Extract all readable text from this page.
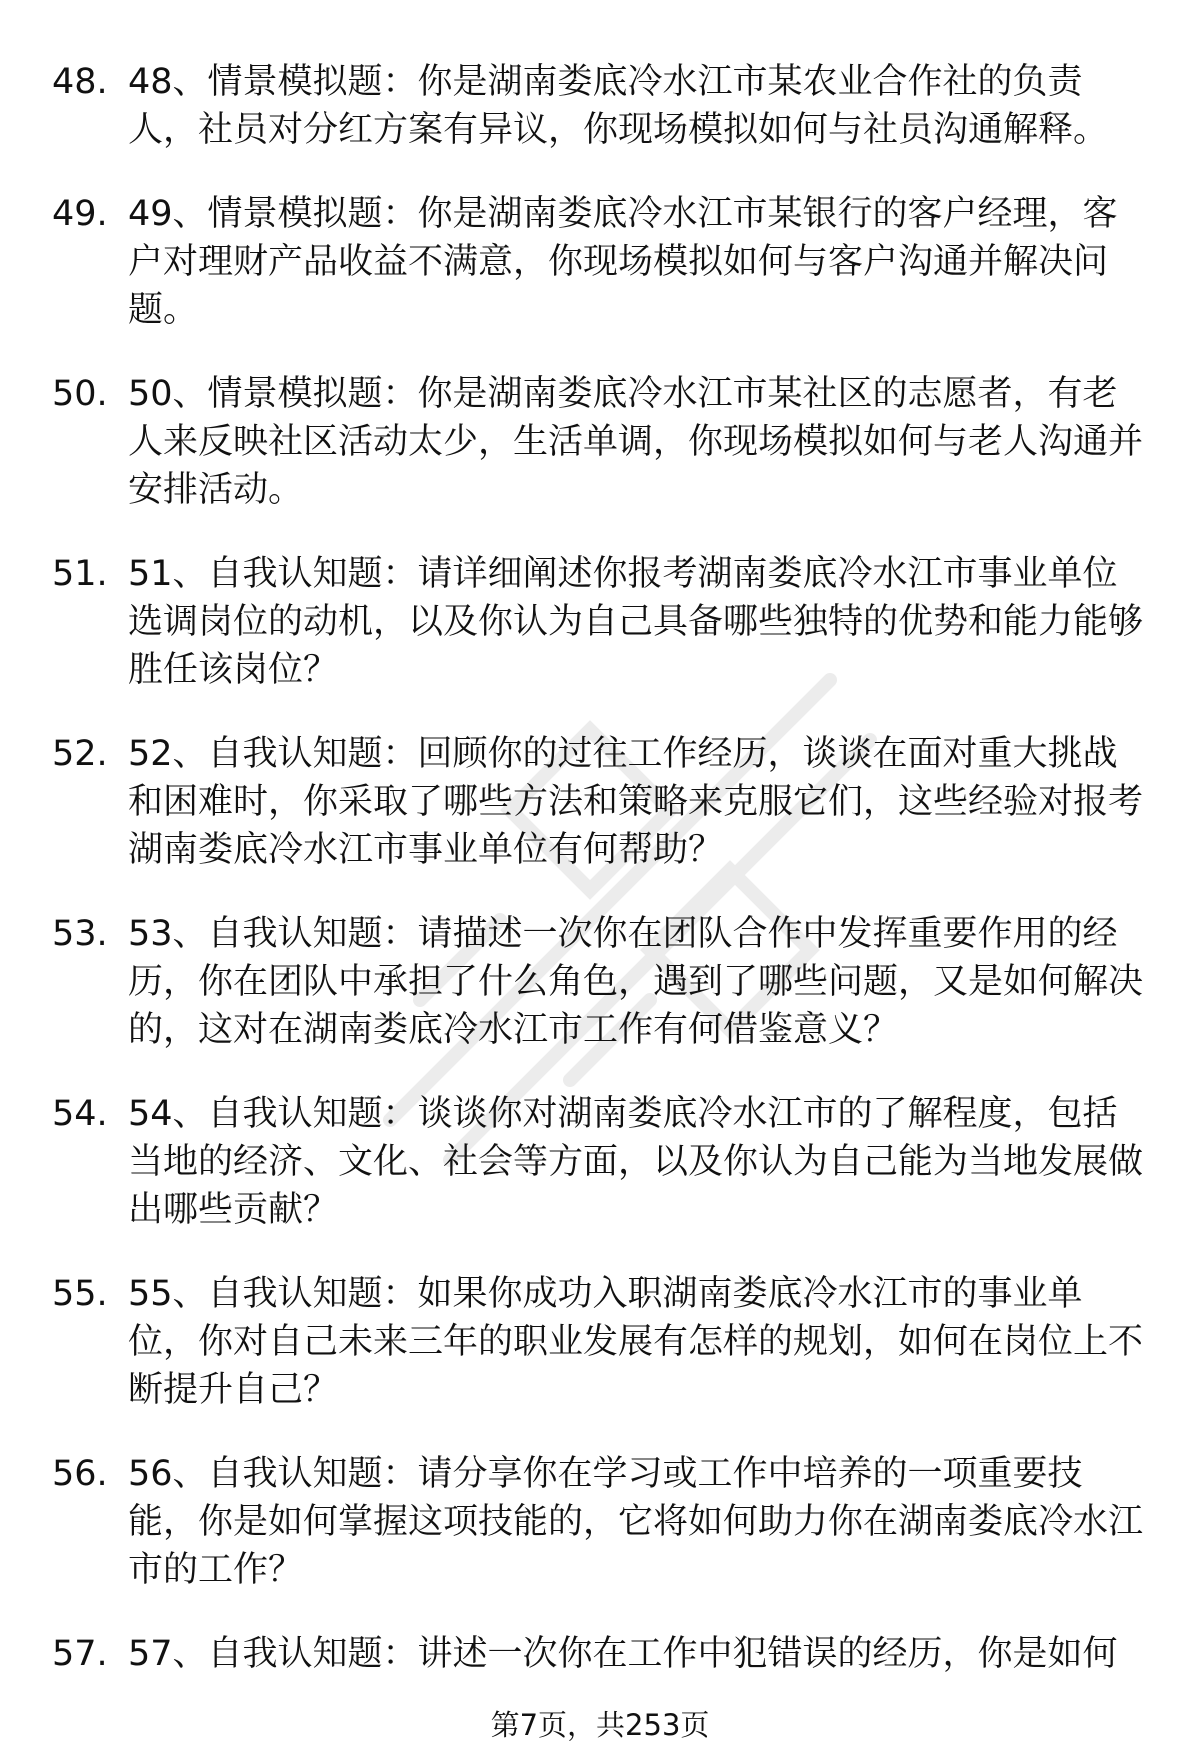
48. 48、情景模拟题：你是湖南娄底冷水江市某农业合作社的负责人，社员对分红方案有异议，你现场模拟如何与社员沟通解释。
49. 49、情景模拟题：你是湖南娄底冷水江市某银行的客户经理，客户对理财产品收益不满意，你现场模拟如何与客户沟通并解决问题。
50. 50、情景模拟题：你是湖南娄底冷水江市某社区的志愿者，有老人来反映社区活动太少，生活单调，你现场模拟如何与老人沟通并安排活动。
51. 51、自我认知题：请详细阐述你报考湖南娄底冷水江市事业单位选调岗位的动机，以及你认为自己具备哪些独特的优势和能力能够胜任该岗位？
52. 52、自我认知题：回顾你的过往工作经历，谈谈在面对重大挑战和困难时，你采取了哪些方法和策略来克服它们，这些经验对报考湖南娄底冷水江市事业单位有何帮助？
53. 53、自我认知题：请描述一次你在团队合作中发挥重要作用的经历，你在团队中承担了什么角色，遇到了哪些问题，又是如何解决的，这对在湖南娄底冷水江市工作有何借鉴意义？
54. 54、自我认知题：谈谈你对湖南娄底冷水江市的了解程度，包括当地的经济、文化、社会等方面，以及你认为自己能为当地发展做出哪些贡献？
55. 55、自我认知题：如果你成功入职湖南娄底冷水江市的事业单位，你对自己未来三年的职业发展有怎样的规划，如何在岗位上不断提升自己？
56. 56、自我认知题：请分享你在学习或工作中培养的一项重要技能，你是如何掌握这项技能的，它将如何助力你在湖南娄底冷水江市的工作？
57. 57、自我认知题：讲述一次你在工作中犯错误的经历，你是如何
第7页，共253页
